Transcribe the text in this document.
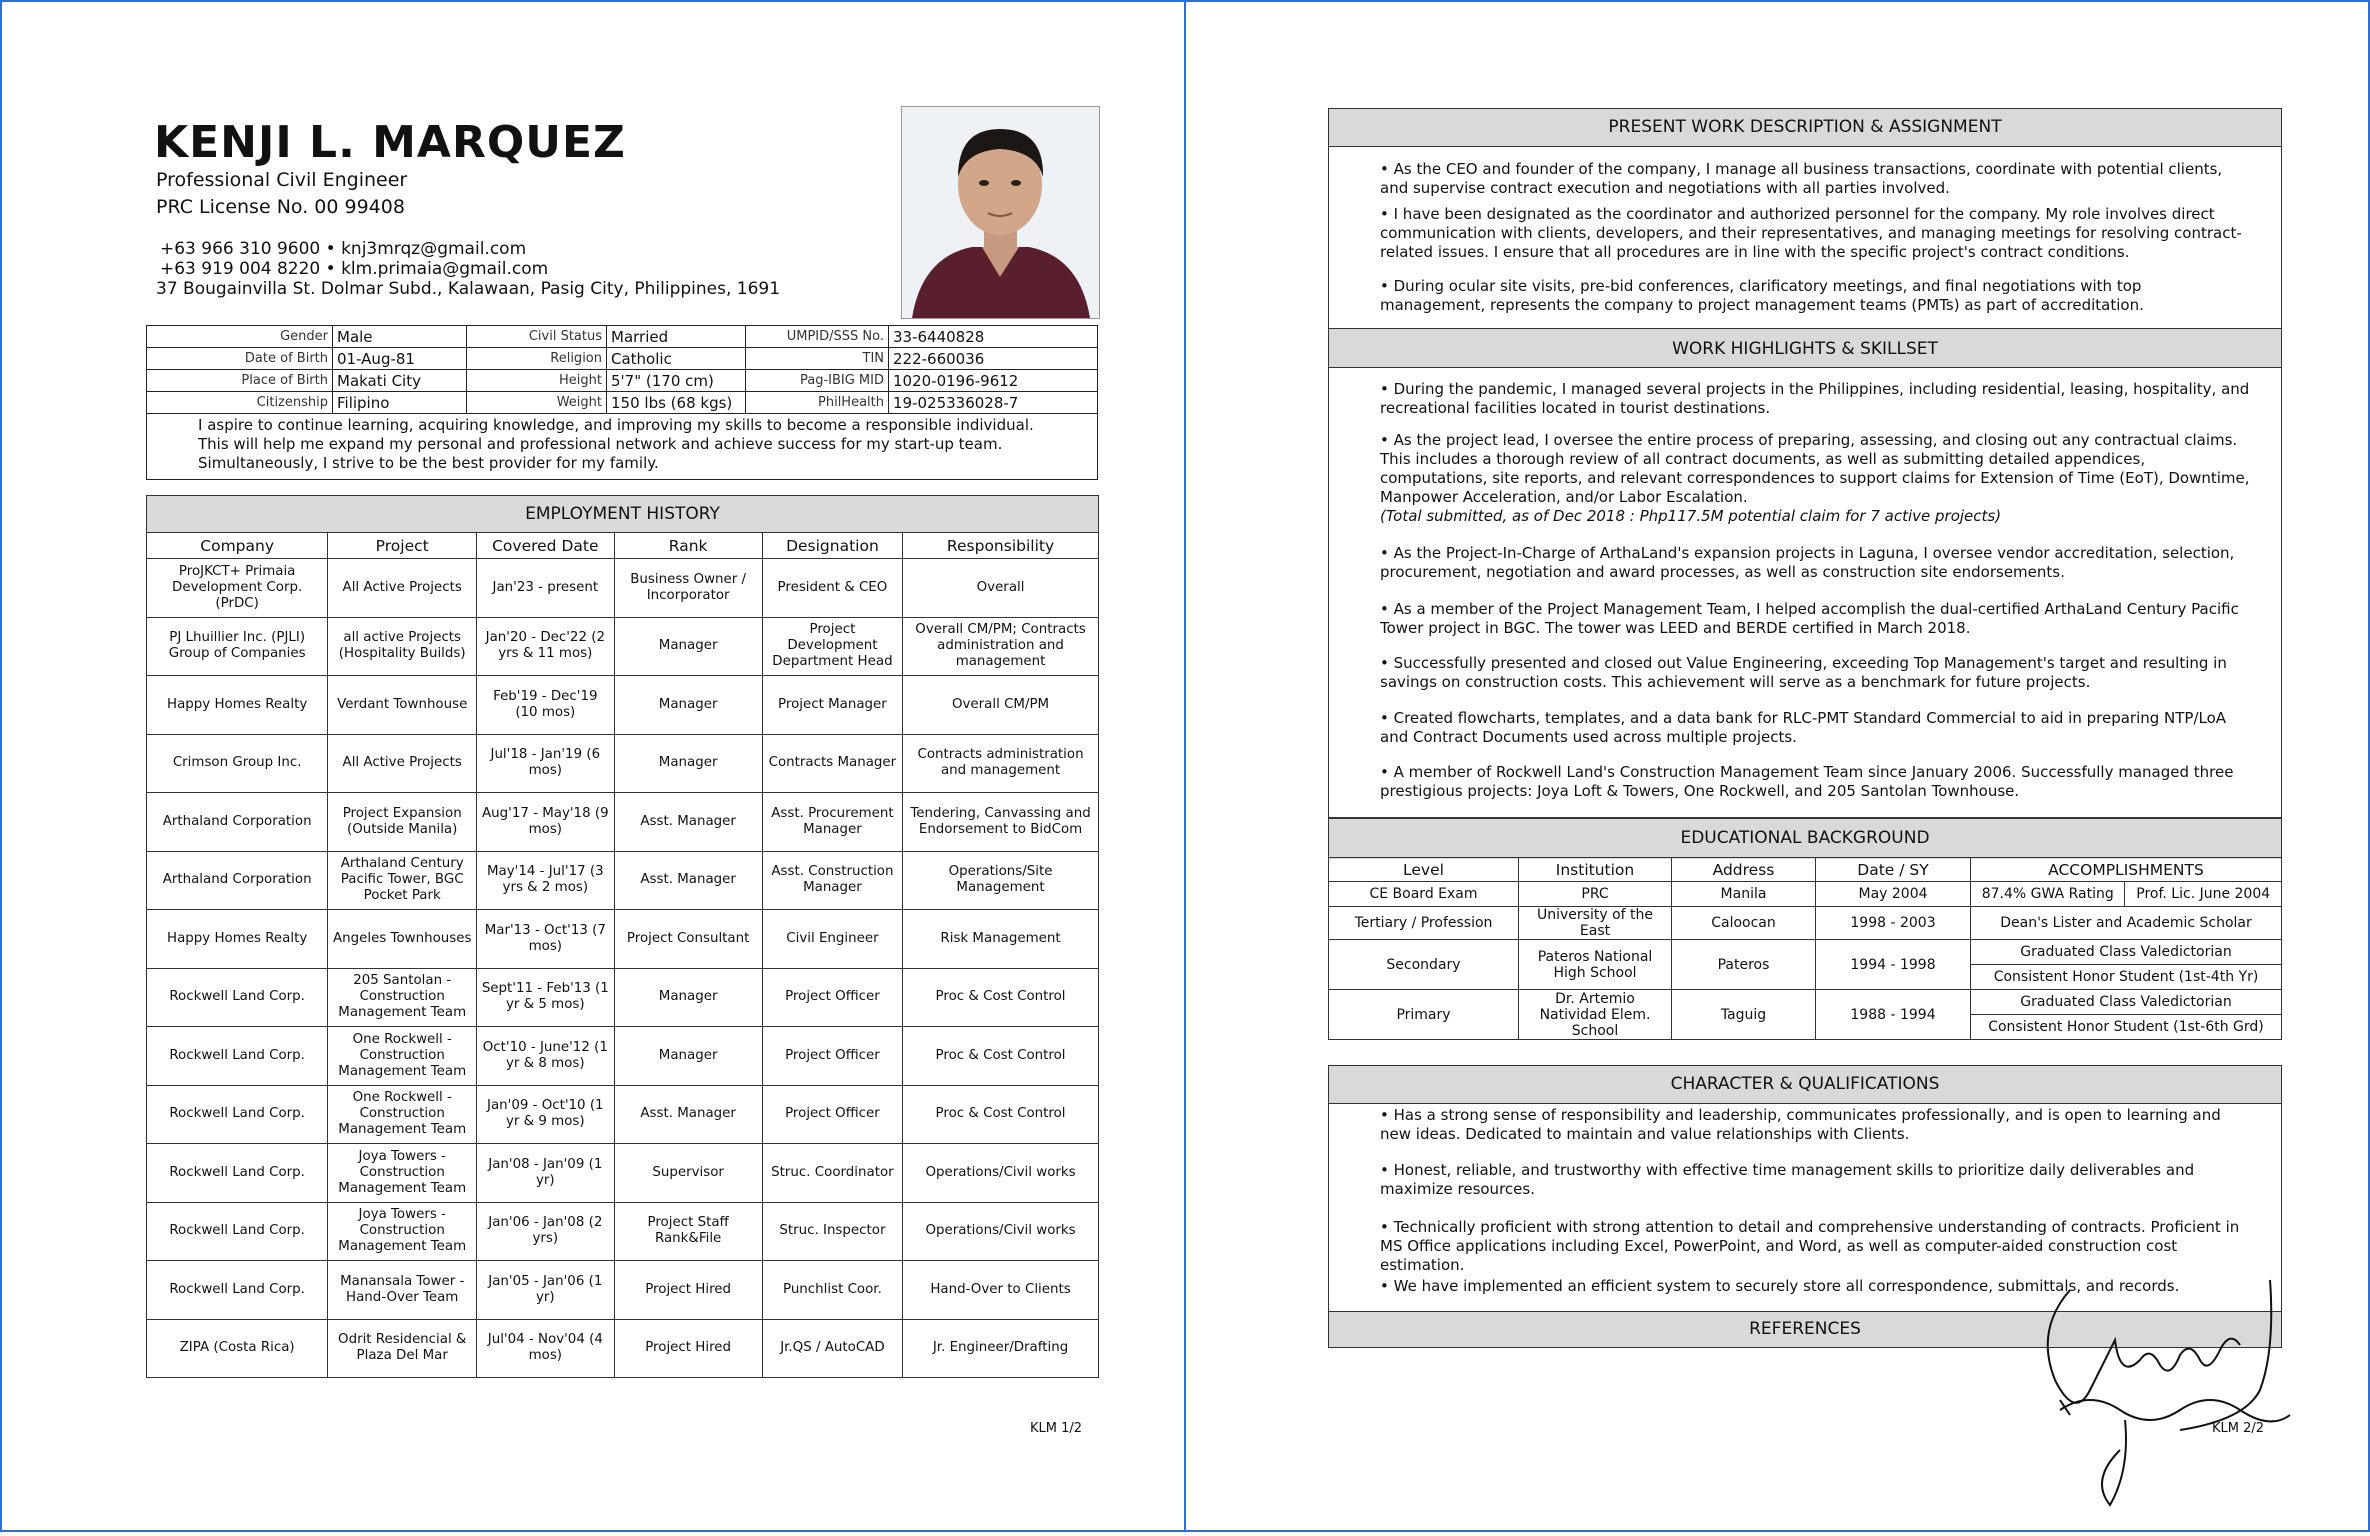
KENJI L. MARQUEZ
Professional Civil Engineer
PRC License No. 00 99408
+63 966 310 9600 • knj3mrqz@gmail.com
+63 919 004 8220 • klm.primaia@gmail.com
37 Bougainvilla St. Dolmar Subd., Kalawaan, Pasig City, Philippines, 1691
Gender	Male	Civil Status	Married	UMPID/SSS No.	33-6440828
Date of Birth	01-Aug-81	Religion	Catholic	TIN	222-660036
Place of Birth	Makati City	Height	5'7" (170 cm)	Pag-IBIG MID	1020-0196-9612
Citizenship	Filipino	Weight	150 lbs (68 kgs)	PhilHealth	19-025336028-7

I aspire to continue learning, acquiring knowledge, and improving my skills to become a responsible individual. This will help me expand my personal and professional network and achieve success for my start-up team. Simultaneously, I strive to be the best provider for my family.

EMPLOYMENT HISTORY					
Company	Project	Covered Date	Rank	Designation	Responsibility
ProJKCT+ Primaia Development Corp. (PrDC)	All Active Projects	Jan'23 - present	Business Owner / Incorporator	President & CEO	Overall
PJ Lhuillier Inc. (PJLI) Group of Companies	all active Projects (Hospitality Builds)	Jan'20 - Dec'22 (2 yrs & 11 mos)	Manager	Project Development Department Head	Overall CM/PM; Contracts administration and management
Happy Homes Realty	Verdant Townhouse	Feb'19 - Dec'19 (10 mos)	Manager	Project Manager	Overall CM/PM
Crimson Group Inc.	All Active Projects	Jul'18 - Jan'19 (6 mos)	Manager	Contracts Manager	Contracts administration and management
Arthaland Corporation	Project Expansion (Outside Manila)	Aug'17 - May'18 (9 mos)	Asst. Manager	Asst. Procurement Manager	Tendering, Canvassing and Endorsement to BidCom
Arthaland Corporation	Arthaland Century Pacific Tower, BGC Pocket Park	May'14 - Jul'17 (3 yrs & 2 mos)	Asst. Manager	Asst. Construction Manager	Operations/Site Management
Happy Homes Realty	Angeles Townhouses	Mar'13 - Oct'13 (7 mos)	Project Consultant	Civil Engineer	Risk Management
Rockwell Land Corp.	205 Santolan - Construction Management Team	Sept'11 - Feb'13 (1 yr & 5 mos)	Manager	Project Officer	Proc & Cost Control
Rockwell Land Corp.	One Rockwell - Construction Management Team	Oct'10 - June'12 (1 yr & 8 mos)	Manager	Project Officer	Proc & Cost Control
Rockwell Land Corp.	One Rockwell - Construction Management Team	Jan'09 - Oct'10 (1 yr & 9 mos)	Asst. Manager	Project Officer	Proc & Cost Control
Rockwell Land Corp.	Joya Towers - Construction Management Team	Jan'08 - Jan'09 (1 yr)	Supervisor	Struc. Coordinator	Operations/Civil works
Rockwell Land Corp.	Joya Towers - Construction Management Team	Jan'06 - Jan'08 (2 yrs)	Project Staff Rank&File	Struc. Inspector	Operations/Civil works
Rockwell Land Corp.	Manansala Tower - Hand-Over Team	Jan'05 - Jan'06 (1 yr)	Project Hired	Punchlist Coor.	Hand-Over to Clients
ZIPA (Costa Rica)	Odrit Residencial & Plaza Del Mar	Jul'04 - Nov'04 (4 mos)	Project Hired	Jr.QS / AutoCAD	Jr. Engineer/Drafting
KLM 1/2
PRESENT WORK DESCRIPTION & ASSIGNMENT

• As the CEO and founder of the company, I manage all business transactions, coordinate with potential clients, and supervise contract execution and negotiations with all parties involved.

• I have been designated as the coordinator and authorized personnel for the company. My role involves direct communication with clients, developers, and their representatives, and managing meetings for resolving contract-related issues. I ensure that all procedures are in line with the specific project's contract conditions.

• During ocular site visits, pre-bid conferences, clarificatory meetings, and final negotiations with top management, represents the company to project management teams (PMTs) as part of accreditation.

WORK HIGHLIGHTS & SKILLSET

• During the pandemic, I managed several projects in the Philippines, including residential, leasing, hospitality, and recreational facilities located in tourist destinations.

• As the project lead, I oversee the entire process of preparing, assessing, and closing out any contractual claims. This includes a thorough review of all contract documents, as well as submitting detailed appendices, computations, site reports, and relevant correspondences to support claims for Extension of Time (EoT), Downtime, Manpower Acceleration, and/or Labor Escalation.

(Total submitted, as of Dec 2018 : Php117.5M potential claim for 7 active projects)

• As the Project-In-Charge of ArthaLand's expansion projects in Laguna, I oversee vendor accreditation, selection, procurement, negotiation and award processes, as well as construction site endorsements.

• As a member of the Project Management Team, I helped accomplish the dual-certified ArthaLand Century Pacific Tower project in BGC. The tower was LEED and BERDE certified in March 2018.

• Successfully presented and closed out Value Engineering, exceeding Top Management's target and resulting in savings on construction costs. This achievement will serve as a benchmark for future projects.

• Created flowcharts, templates, and a data bank for RLC-PMT Standard Commercial to aid in preparing NTP/LoA and Contract Documents used across multiple projects.

• A member of Rockwell Land's Construction Management Team since January 2006. Successfully managed three prestigious projects: Joya Loft & Towers, One Rockwell, and 205 Santolan Townhouse.

EDUCATIONAL BACKGROUND
Level	Institution	Address	Date / SY	ACCOMPLISHMENTS	
CE Board Exam	PRC	Manila	May 2004	87.4% GWA Rating	Prof. Lic. June 2004
Tertiary / Profession	University of the East	Caloocan	1998 - 2003	Dean's Lister and Academic Scholar	
Secondary	Pateros National High School	Pateros	1994 - 1998	Graduated Class Valedictorian	
				Consistent Honor Student (1st-4th Yr)	
Primary	Dr. Artemio Natividad Elem. School	Taguig	1988 - 1994	Graduated Class Valedictorian	
				Consistent Honor Student (1st-6th Grd)	
CHARACTER & QUALIFICATIONS
REFERENCES

• Has a strong sense of responsibility and leadership, communicates professionally, and is open to learning and new ideas. Dedicated to maintain and value relationships with Clients.

• Honest, reliable, and trustworthy with effective time management skills to prioritize daily deliverables and maximize resources.

• Technically proficient with strong attention to detail and comprehensive understanding of contracts. Proficient in MS Office applications including Excel, PowerPoint, and Word, as well as computer-aided construction cost estimation.

• We have implemented an efficient system to securely store all correspondence, submittals, and records.

KLM 2/2
